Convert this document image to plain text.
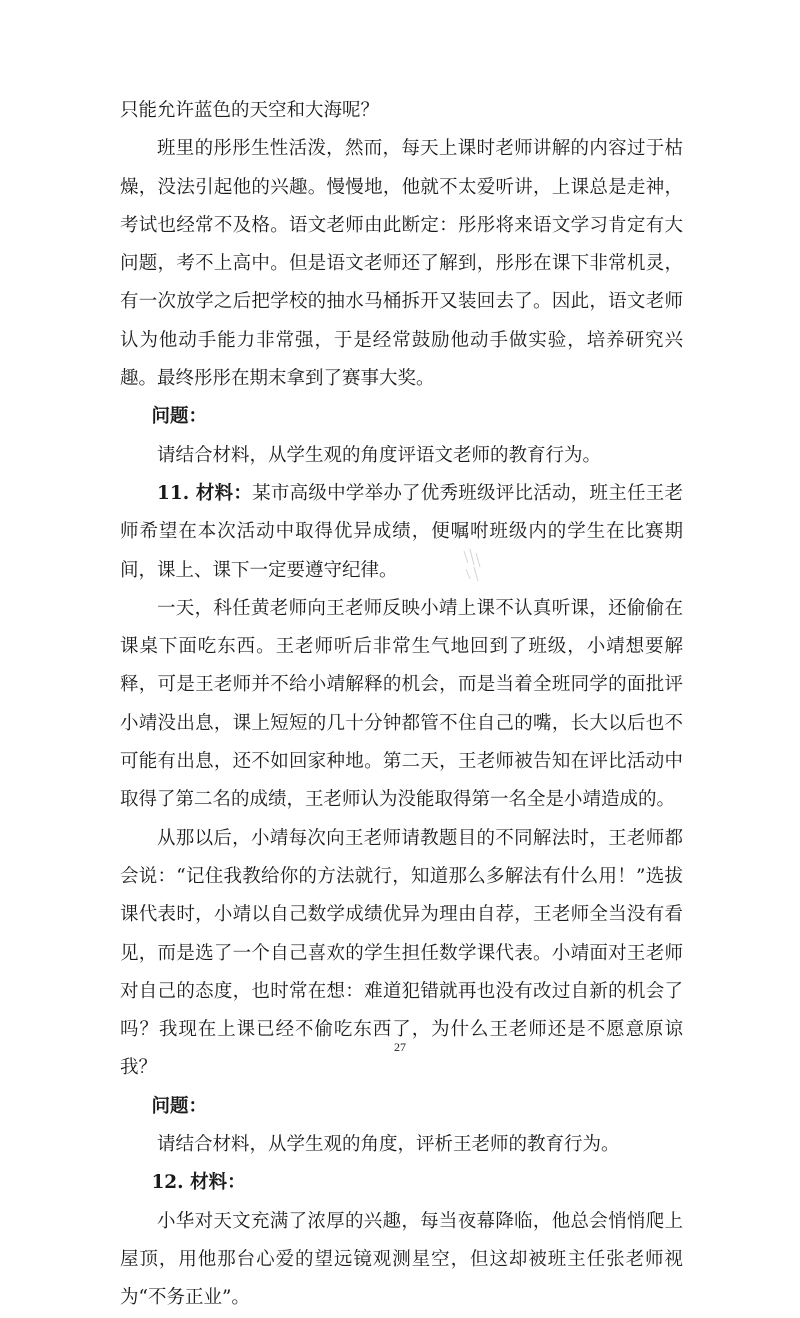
只能允许蓝色的天空和大海呢？

班里的彤彤生性活泼，然而，每天上课时老师讲解的内容过于枯燥，没法引起他的兴趣。慢慢地，他就不太爱听讲，上课总是走神，考试也经常不及格。语文老师由此断定：彤彤将来语文学习肯定有大问题，考不上高中。但是语文老师还了解到，彤彤在课下非常机灵，有一次放学之后把学校的抽水马桶拆开又装回去了。因此，语文老师认为他动手能力非常强，于是经常鼓励他动手做实验，培养研究兴趣。最终彤彤在期末拿到了赛事大奖。

问题：

请结合材料，从学生观的角度评语文老师的教育行为。

11. 材料：某市高级中学举办了优秀班级评比活动，班主任王老师希望在本次活动中取得优异成绩，便嘱咐班级内的学生在比赛期间，课上、课下一定要遵守纪律。

一天，科任黄老师向王老师反映小靖上课不认真听课，还偷偷在课桌下面吃东西。王老师听后非常生气地回到了班级，小靖想要解释，可是王老师并不给小靖解释的机会，而是当着全班同学的面批评小靖没出息，课上短短的几十分钟都管不住自己的嘴，长大以后也不可能有出息，还不如回家种地。第二天，王老师被告知在评比活动中取得了第二名的成绩，王老师认为没能取得第一名全是小靖造成的。

从那以后，小靖每次向王老师请教题目的不同解法时，王老师都会说：“记住我教给你的方法就行，知道那么多解法有什么用！”选拔课代表时，小靖以自己数学成绩优异为理由自荐，王老师全当没有看见，而是选了一个自己喜欢的学生担任数学课代表。小靖面对王老师对自己的态度，也时常在想：难道犯错就再也没有改过自新的机会了吗？我现在上课已经不偷吃东西了，为什么王老师还是不愿意原谅我？

问题：

请结合材料，从学生观的角度，评析王老师的教育行为。

12. 材料：

小华对天文充满了浓厚的兴趣，每当夜幕降临，他总会悄悄爬上屋顶，用他那台心爱的望远镜观测星空，但这却被班主任张老师视为“不务正业”。

27
